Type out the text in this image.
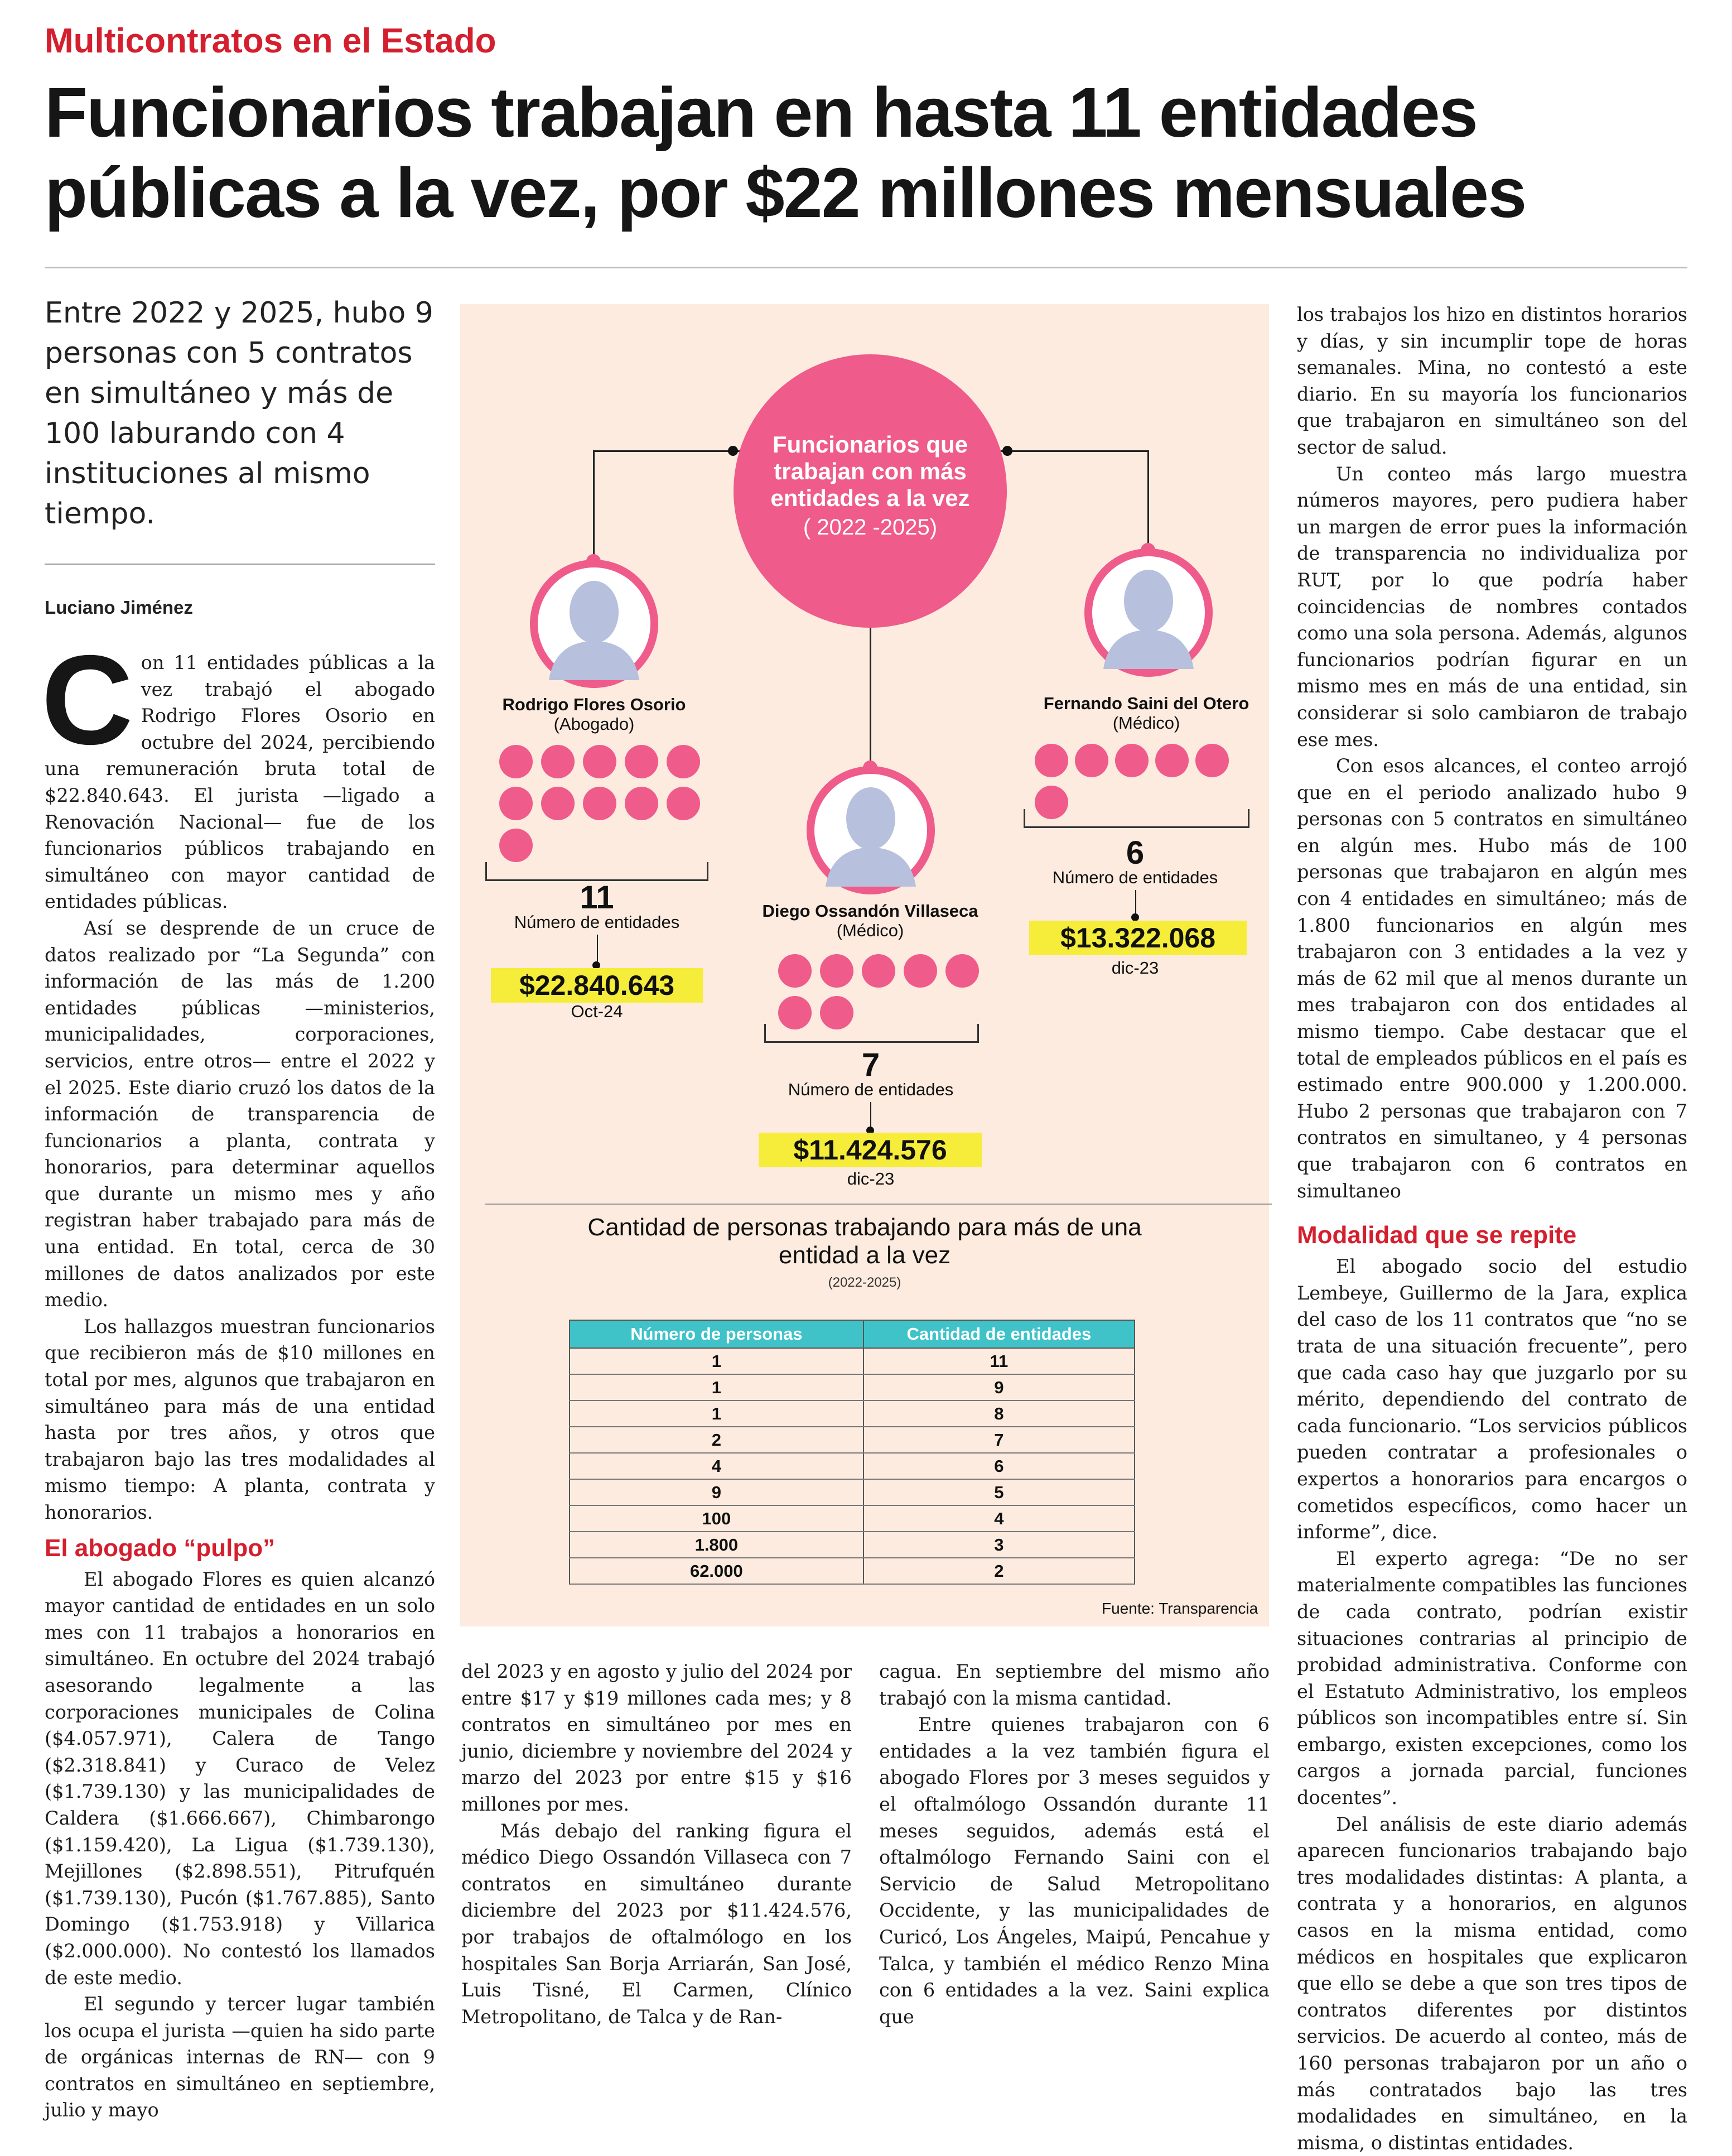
Multicontratos en el Estado
Funcionarios trabajan en hasta 11 entidades públicas a la vez, por $22 millones mensuales
Entre 2022 y 2025, hubo 9 personas con 5 contratos en simultáneo y más de 100 laburando con 4 instituciones al mismo tiempo.
Luciano Jiménez

Con 11 entidades públicas a la vez trabajó el abogado Rodrigo Flores Osorio en octubre del 2024, percibiendo una remuneración bruta total de $22.840.643. El jurista —ligado a Renovación Nacional— fue de los funcionarios públicos trabajando en simultáneo con mayor cantidad de entidades públicas.

Así se desprende de un cruce de datos realizado por “La Segunda” con información de las más de 1.200 entidades públicas —ministerios, municipalidades, corporaciones, servicios, entre otros— entre el 2022 y el 2025. Este diario cruzó los datos de la información de transparencia de funcionarios a planta, contrata y honorarios, para determinar aquellos que durante un mismo mes y año registran haber trabajado para más de una entidad. En total, cerca de 30 millones de datos analizados por este medio.

Los hallazgos muestran funcionarios que recibieron más de $10 millones en total por mes, algunos que trabajaron en simultáneo para más de una entidad hasta por tres años, y otros que trabajaron bajo las tres modalidades al mismo tiempo: A planta, contrata y honorarios.

El abogado “pulpo”

El abogado Flores es quien alcanzó mayor cantidad de entidades en un solo mes con 11 trabajos a honorarios en simultáneo. En octubre del 2024 trabajó asesorando legalmente a las corporaciones municipales de Colina ($4.057.971), Calera de Tango ($2.318.841) y Curaco de Velez ($1.739.130) y las municipalidades de Caldera ($1.666.667), Chimbarongo ($1.159.420), La Ligua ($1.739.130), Mejillones ($2.898.551), Pitrufquén ($1.739.130), Pucón ($1.767.885), Santo Domingo ($1.753.918) y Villarica ($2.000.000). No contestó los llamados de este medio.

El segundo y tercer lugar también los ocupa el jurista —quien ha sido parte de orgánicas internas de RN— con 9 contratos en simultáneo en septiembre, julio y mayo

del 2023 y en agosto y julio del 2024 por entre $17 y $19 millones cada mes; y 8 contratos en simultáneo por mes en junio, diciembre y noviembre del 2024 y marzo del 2023 por entre $15 y $16 millones por mes.

Más debajo del ranking figura el médico Diego Ossandón Villaseca con 7 contratos en simultáneo durante diciembre del 2023 por $11.424.576, por trabajos de oftalmólogo en los hospitales San Borja Arriarán, San José, Luis Tisné, El Carmen, Clínico Metropolitano, de Talca y de Ran-

cagua. En septiembre del mismo año trabajó con la misma cantidad.

Entre quienes trabajaron con 6 entidades a la vez también figura el abogado Flores por 3 meses seguidos y el oftalmólogo Ossandón durante 11 meses seguidos, además está el oftalmólogo Fernando Saini con el Servicio de Salud Metropolitano Occidente, y las municipalidades de Curicó, Los Ángeles, Maipú, Pencahue y Talca, y también el médico Renzo Mina con 6 entidades a la vez. Saini explica que

los trabajos los hizo en distintos horarios y días, y sin incumplir tope de horas semanales. Mina, no contestó a este diario. En su mayoría los funcionarios que trabajaron en simultáneo son del sector de salud.

Un conteo más largo muestra números mayores, pero pudiera haber un margen de error pues la información de transparencia no individualiza por RUT, por lo que podría haber coincidencias de nombres contados como una sola persona. Además, algunos funcionarios podrían figurar en un mismo mes en más de una entidad, sin considerar si solo cambiaron de trabajo ese mes.

Con esos alcances, el conteo arrojó que en el periodo analizado hubo 9 personas con 5 contratos en simultáneo en algún mes. Hubo más de 100 personas que trabajaron en algún mes con 4 entidades en simultáneo; más de 1.800 funcionarios en algún mes trabajaron con 3 entidades a la vez y más de 62 mil que al menos durante un mes trabajaron con dos entidades al mismo tiempo. Cabe destacar que el total de empleados públicos en el país es estimado entre 900.000 y 1.200.000. Hubo 2 personas que trabajaron con 7 contratos en simultaneo, y 4 personas que trabajaron con 6 contratos en simultaneo

Modalidad que se repite

El abogado socio del estudio Lembeye, Guillermo de la Jara, explica del caso de los 11 contratos que “no se trata de una situación frecuente”, pero que cada caso hay que juzgarlo por su mérito, dependiendo del contrato de cada funcionario. “Los servicios públicos pueden contratar a profesionales o expertos a honorarios para encargos o cometidos específicos, como hacer un informe”, dice.

El experto agrega: “De no ser materialmente compatibles las funciones de cada contrato, podrían existir situaciones contrarias al principio de probidad administrativa. Conforme con el Estatuto Administrativo, los empleos públicos son incompatibles entre sí. Sin embargo, existen excepciones, como los cargos a jornada parcial, funciones docentes”.

Del análisis de este diario además aparecen funcionarios trabajando bajo tres modalidades distintas: A planta, a contrata y a honorarios, en algunos casos en la misma entidad, como médicos en hospitales que explicaron que ello se debe a que son tres tipos de contratos diferentes por distintos servicios. De acuerdo al conteo, más de 160 personas trabajaron por un año o más contratados bajo las tres modalidades en simultáneo, en la misma, o distintas entidades.

Funcionarios que trabajan con más entidades a la vez
( 2022 -2025)
Rodrigo Flores Osorio
(Abogado)
11
Número de entidades
$22.840.643
Oct-24
Diego Ossandón Villaseca
(Médico)
7
Número de entidades
$11.424.576
dic-23
Fernando Saini del Otero
(Médico)
6
Número de entidades
$13.322.068
dic-23
Cantidad de personas trabajando para más de una entidad a la vez
(2022-2025)
Número de personas	Cantidad de entidades
1	11
1	9
1	8
2	7
4	6
9	5
100	4
1.800	3
62.000	2
Fuente: Transparencia
